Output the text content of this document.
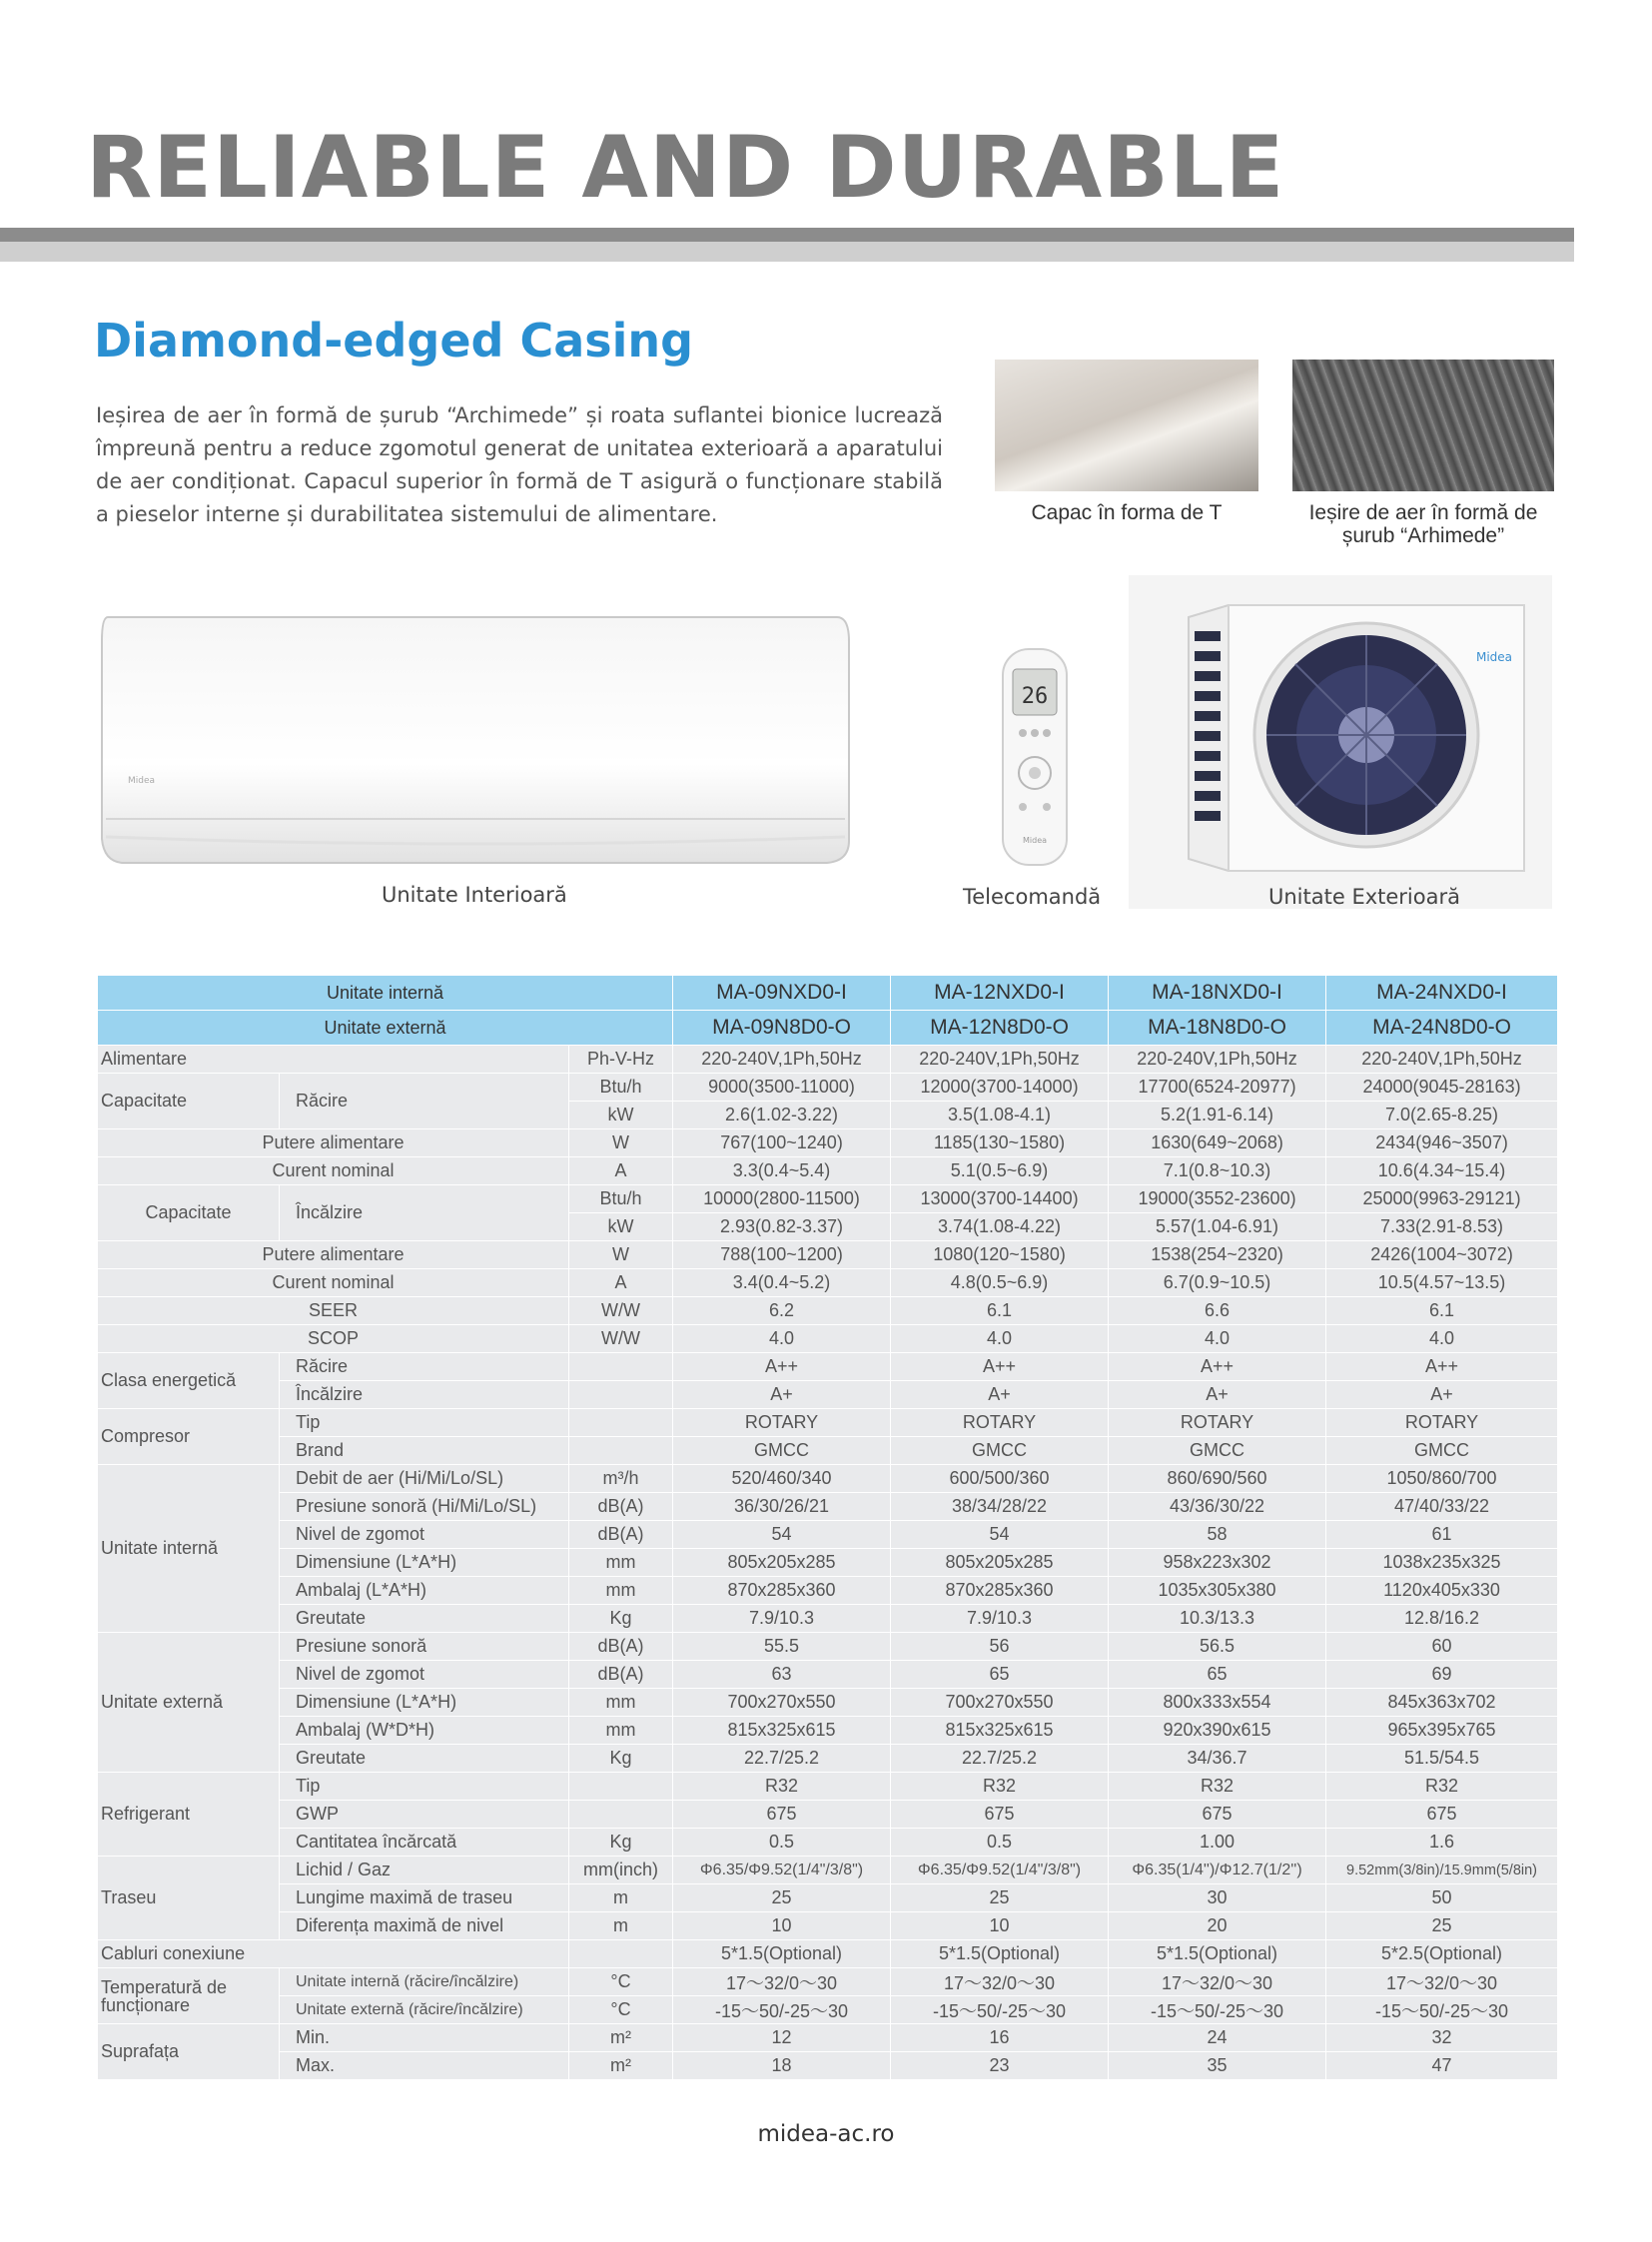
RELIABLE AND DURABLE
Diamond-edged Casing
Ieșirea de aer în formă de șurub “Archimede” și roata suflantei bionice lucrează împreună pentru a reduce zgomotul generat de unitatea exterioară a aparatului de aer condiționat. Capacul superior în formă de T asigură o funcționare stabilă a pieselor interne și durabilitatea sistemului de alimentare.	Capac în forma de T	Ieșire de aer în formă de șurub “Arhimede”
Midea
26
Midea
Midea
Unitate Interioară	Telecomandă	Unitate Exterioară
Unitate internă			MA-09NXD0-I	MA-12NXD0-I	MA-18NXD0-I	MA-24NXD0-I
Unitate externă			MA-09N8D0-O	MA-12N8D0-O	MA-18N8D0-O	MA-24N8D0-O
Alimentare		Ph-V-Hz	220-240V,1Ph,50Hz	220-240V,1Ph,50Hz	220-240V,1Ph,50Hz	220-240V,1Ph,50Hz
Capacitate	Răcire	Btu/h	9000(3500-11000)	12000(3700-14000)	17700(6524-20977)	24000(9045-28163)
		kW	2.6(1.02-3.22)	3.5(1.08-4.1)	5.2(1.91-6.14)	7.0(2.65-8.25)
Putere alimentare		W	767(100~1240)	1185(130~1580)	1630(649~2068)	2434(946~3507)
Curent nominal		A	3.3(0.4~5.4)	5.1(0.5~6.9)	7.1(0.8~10.3)	10.6(4.34~15.4)
Capacitate	Încălzire	Btu/h	10000(2800-11500)	13000(3700-14400)	19000(3552-23600)	25000(9963-29121)
		kW	2.93(0.82-3.37)	3.74(1.08-4.22)	5.57(1.04-6.91)	7.33(2.91-8.53)
Putere alimentare		W	788(100~1200)	1080(120~1580)	1538(254~2320)	2426(1004~3072)
Curent nominal		A	3.4(0.4~5.2)	4.8(0.5~6.9)	6.7(0.9~10.5)	10.5(4.57~13.5)
SEER		W/W	6.2	6.1	6.6	6.1
SCOP		W/W	4.0	4.0	4.0	4.0
Clasa energetică	Răcire		A++	A++	A++	A++
	Încălzire		A+	A+	A+	A+
Compresor	Tip		ROTARY	ROTARY	ROTARY	ROTARY
	Brand		GMCC	GMCC	GMCC	GMCC
Unitate internă	Debit de aer (Hi/Mi/Lo/SL)	m³/h	520/460/340	600/500/360	860/690/560	1050/860/700
	Presiune sonoră (Hi/Mi/Lo/SL)	dB(A)	36/30/26/21	38/34/28/22	43/36/30/22	47/40/33/22
	Nivel de zgomot	dB(A)	54	54	58	61
	Dimensiune (L*A*H)	mm	805x205x285	805x205x285	958x223x302	1038x235x325
	Ambalaj (L*A*H)	mm	870x285x360	870x285x360	1035x305x380	1120x405x330
	Greutate	Kg	7.9/10.3	7.9/10.3	10.3/13.3	12.8/16.2
Unitate externă	Presiune sonoră	dB(A)	55.5	56	56.5	60
	Nivel de zgomot	dB(A)	63	65	65	69
	Dimensiune (L*A*H)	mm	700x270x550	700x270x550	800x333x554	845x363x702
	Ambalaj (W*D*H)	mm	815x325x615	815x325x615	920x390x615	965x395x765
	Greutate	Kg	22.7/25.2	22.7/25.2	34/36.7	51.5/54.5
Refrigerant	Tip		R32	R32	R32	R32
	GWP		675	675	675	675
	Cantitatea încărcată	Kg	0.5	0.5	1.00	1.6
Traseu	Lichid / Gaz	mm(inch)	Φ6.35/Φ9.52(1/4"/3/8")	Φ6.35/Φ9.52(1/4"/3/8")	Φ6.35(1/4'')/Φ12.7(1/2'')	9.52mm(3/8in)/15.9mm(5/8in)
	Lungime maximă de traseu	m	25	25	30	50
	Diferența maximă de nivel	m	10	10	20	25
Cabluri conexiune			5*1.5(Optional)	5*1.5(Optional)	5*1.5(Optional)	5*2.5(Optional)
Temperatură de funcționare	Unitate internă (răcire/încălzire)	°C	17～32/0～30	17～32/0～30	17～32/0～30	17～32/0～30
	Unitate externă (răcire/încălzire)	°C	-15～50/-25～30	-15～50/-25～30	-15～50/-25～30	-15～50/-25～30
Suprafața	Min.	m²	12	16	24	32
	Max.	m²	18	23	35	47
midea-ac.ro
